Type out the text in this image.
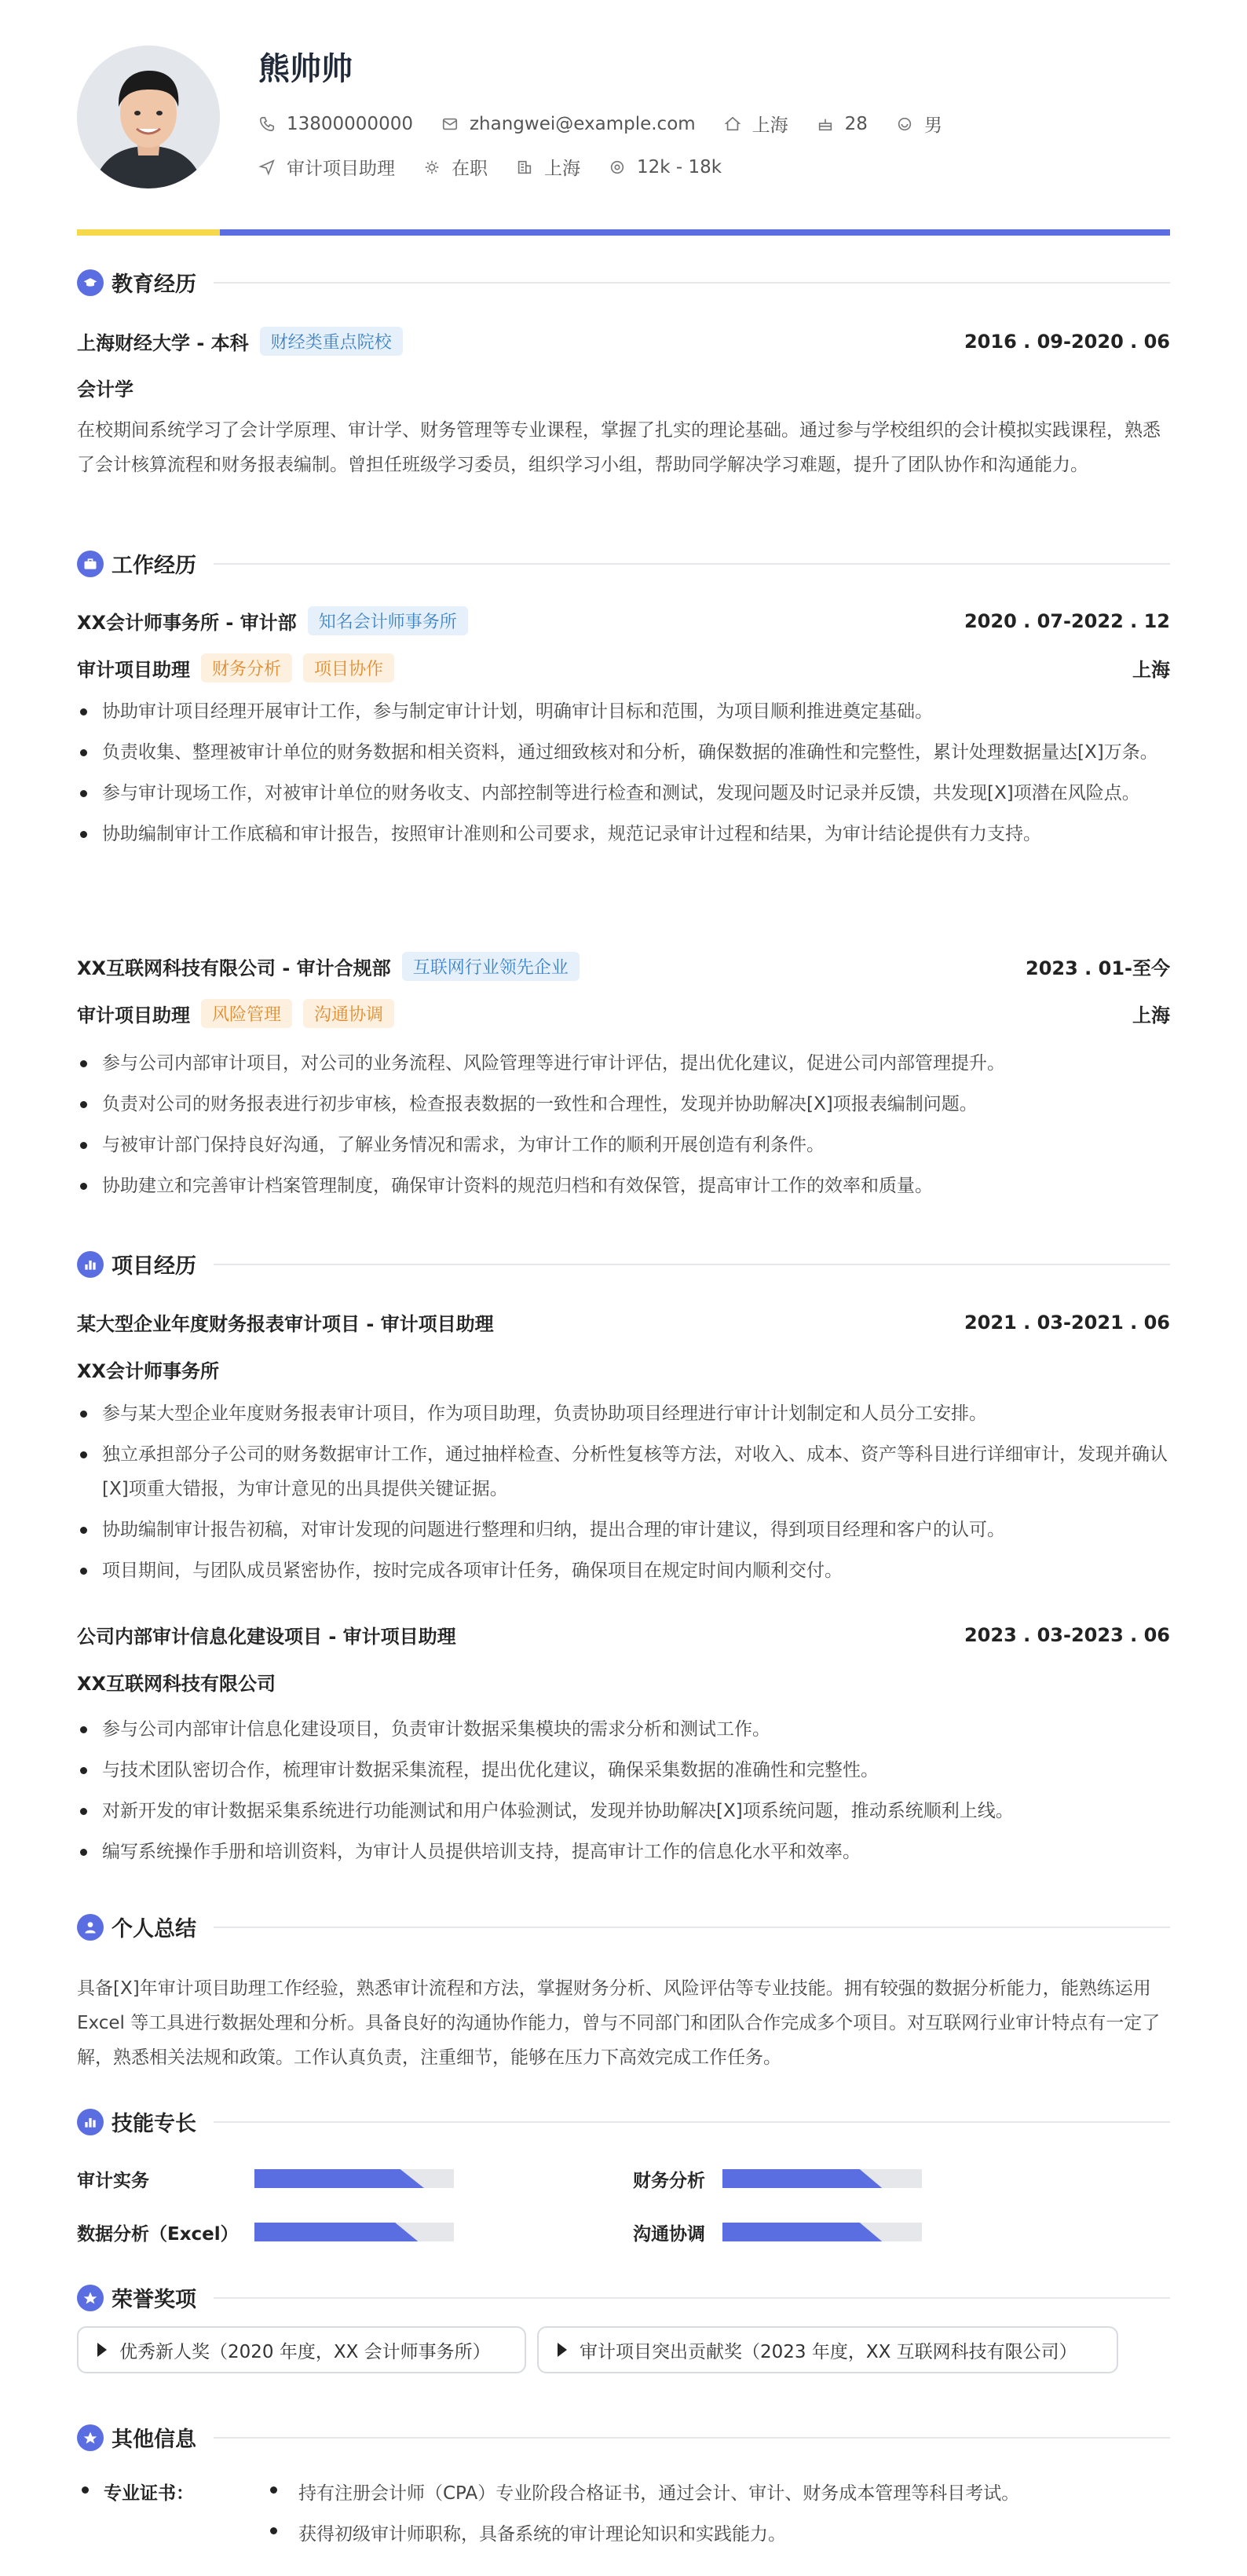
熊帅帅
13800000000	zhangwei@example.com	上海	28	男
审计项目助理	在职	上海	12k - 18k
教育经历
上海财经大学 - 本科	财经类重点院校	2016 . 09-2020 . 06
会计学

在校期间系统学习了会计学原理、审计学、财务管理等专业课程，掌握了扎实的理论基础。通过参与学校组织的会计模拟实践课程，熟悉了会计核算流程和财务报表编制。曾担任班级学习委员，组织学习小组，帮助同学解决学习难题，提升了团队协作和沟通能力。

工作经历
XX会计师事务所 - 审计部	知名会计师事务所	2020 . 07-2022 . 12
审计项目助理	财务分析	项目协作	上海
协助审计项目经理开展审计工作，参与制定审计计划，明确审计目标和范围，为项目顺利推进奠定基础。
负责收集、整理被审计单位的财务数据和相关资料，通过细致核对和分析，确保数据的准确性和完整性，累计处理数据量达[X]万条。
参与审计现场工作，对被审计单位的财务收支、内部控制等进行检查和测试，发现问题及时记录并反馈，共发现[X]项潜在风险点。
协助编制审计工作底稿和审计报告，按照审计准则和公司要求，规范记录审计过程和结果，为审计结论提供有力支持。
XX互联网科技有限公司 - 审计合规部	互联网行业领先企业	2023 . 01-至今
审计项目助理	风险管理	沟通协调	上海
参与公司内部审计项目，对公司的业务流程、风险管理等进行审计评估，提出优化建议，促进公司内部管理提升。
负责对公司的财务报表进行初步审核，检查报表数据的一致性和合理性，发现并协助解决[X]项报表编制问题。
与被审计部门保持良好沟通，了解业务情况和需求，为审计工作的顺利开展创造有利条件。
协助建立和完善审计档案管理制度，确保审计资料的规范归档和有效保管，提高审计工作的效率和质量。
项目经历
某大型企业年度财务报表审计项目 - 审计项目助理	2021 . 03-2021 . 06
XX会计师事务所
参与某大型企业年度财务报表审计项目，作为项目助理，负责协助项目经理进行审计计划制定和人员分工安排。
独立承担部分子公司的财务数据审计工作，通过抽样检查、分析性复核等方法，对收入、成本、资产等科目进行详细审计，发现并确认[X]项重大错报，为审计意见的出具提供关键证据。
协助编制审计报告初稿，对审计发现的问题进行整理和归纳，提出合理的审计建议，得到项目经理和客户的认可。
项目期间，与团队成员紧密协作，按时完成各项审计任务，确保项目在规定时间内顺利交付。
公司内部审计信息化建设项目 - 审计项目助理	2023 . 03-2023 . 06
XX互联网科技有限公司
参与公司内部审计信息化建设项目，负责审计数据采集模块的需求分析和测试工作。
与技术团队密切合作，梳理审计数据采集流程，提出优化建议，确保采集数据的准确性和完整性。
对新开发的审计数据采集系统进行功能测试和用户体验测试，发现并协助解决[X]项系统问题，推动系统顺利上线。
编写系统操作手册和培训资料，为审计人员提供培训支持，提高审计工作的信息化水平和效率。
个人总结

具备[X]年审计项目助理工作经验，熟悉审计流程和方法，掌握财务分析、风险评估等专业技能。拥有较强的数据分析能力，能熟练运用 Excel 等工具进行数据处理和分析。具备良好的沟通协作能力，曾与不同部门和团队合作完成多个项目。对互联网行业审计特点有一定了解，熟悉相关法规和政策。工作认真负责，注重细节，能够在压力下高效完成工作任务。

技能专长
审计实务	财务分析
数据分析（Excel）	沟通协调
荣誉奖项
优秀新人奖（2020 年度，XX 会计师事务所）	审计项目突出贡献奖（2023 年度，XX 互联网科技有限公司）
其他信息
专业证书：	持有注册会计师（CPA）专业阶段合格证书，通过会计、审计、财务成本管理等科目考试。
获得初级审计师职称，具备系统的审计理论知识和实践能力。
